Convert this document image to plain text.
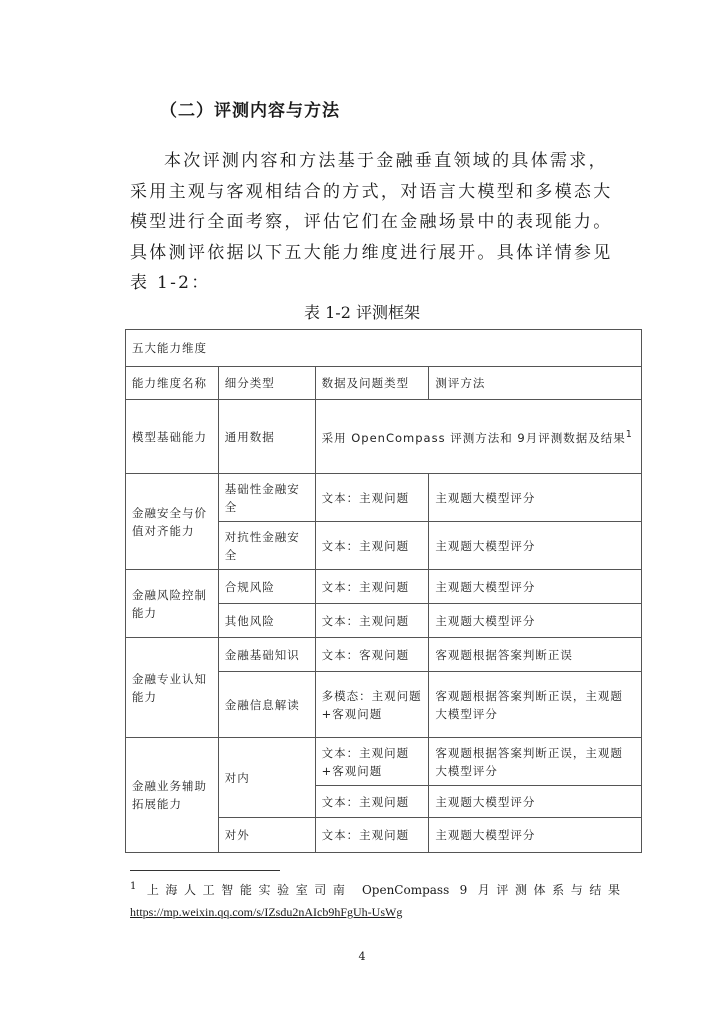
（二）评测内容与方法
本次评测内容和方法基于金融垂直领域的具体需求，采用主观与客观相结合的方式，对语言大模型和多模态大模型进行全面考察，评估它们在金融场景中的表现能力。具体测评依据以下五大能力维度进行展开。具体详情参见表 1-2：
表 1-2 评测框架
五大能力维度			
能力维度名称	细分类型	数据及问题类型	测评方法
模型基础能力	通用数据	采用 OpenCompass 评测方法和 9月评测数据及结果$^1$
金融安全与价值对齐能力	基础性金融安全	文本：主观问题	主观题大模型评分
	对抗性金融安全	文本：主观问题	主观题大模型评分
金融风险控制能力	合规风险	文本：主观问题	主观题大模型评分
	其他风险	文本：主观问题	主观题大模型评分
金融专业认知能力	金融基础知识	文本：客观问题	客观题根据答案判断正误
	金融信息解读	多模态：主观问题+客观问题	客观题根据答案判断正误，主观题大模型评分
金融业务辅助拓展能力	对内	文本：主观问题+客观问题	客观题根据答案判断正误，主观题大模型评分
		文本：主观问题	主观题大模型评分
	对外	文本：主观问题	主观题大模型评分
$^1$ 上海人工智能实验室司南 OpenCompass 9 月评测体系与结果
https://mp.weixin.qq.com/s/IZsdu2nAIcb9hFgUh-UsWg
4
